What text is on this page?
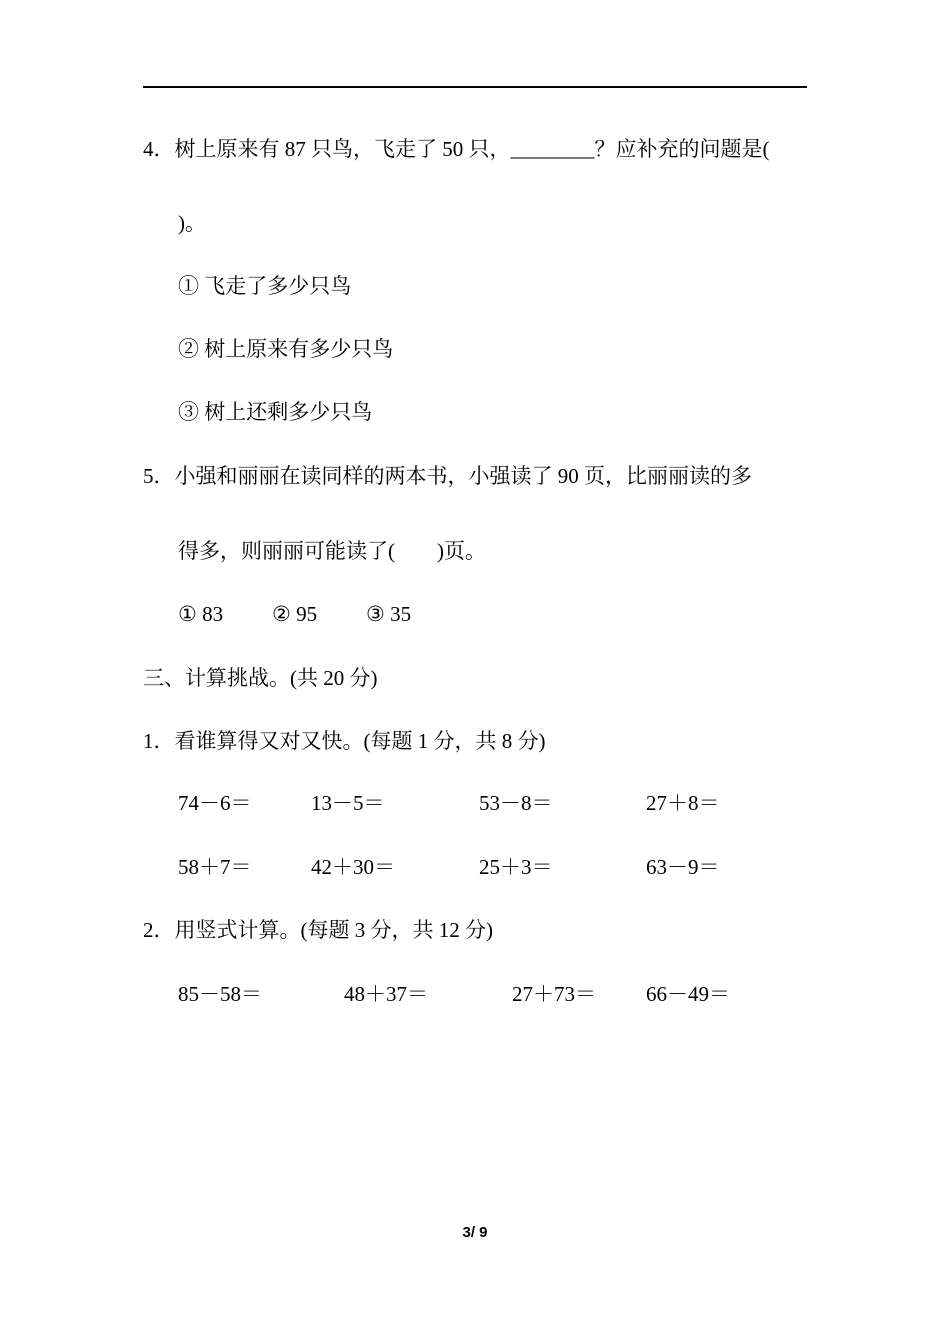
4．树上原来有 87 只鸟，飞走了 50 只，________？应补充的问题是(
)。
① 飞走了多少只鸟
② 树上原来有多少只鸟
③ 树上还剩多少只鸟
5．小强和丽丽在读同样的两本书，小强读了 90 页，比丽丽读的多
得多，则丽丽可能读了(　　)页。
① 83 ② 95 ③ 35
三、计算挑战。(共 20 分)
1．看谁算得又对又快。(每题 1 分，共 8 分)
74－6＝	13－5＝	53－8＝	27＋8＝
58＋7＝	42＋30＝	25＋3＝	63－9＝
2．用竖式计算。(每题 3 分，共 12 分)
85－58＝	48＋37＝	27＋73＝ 66－49＝
3/ 9
